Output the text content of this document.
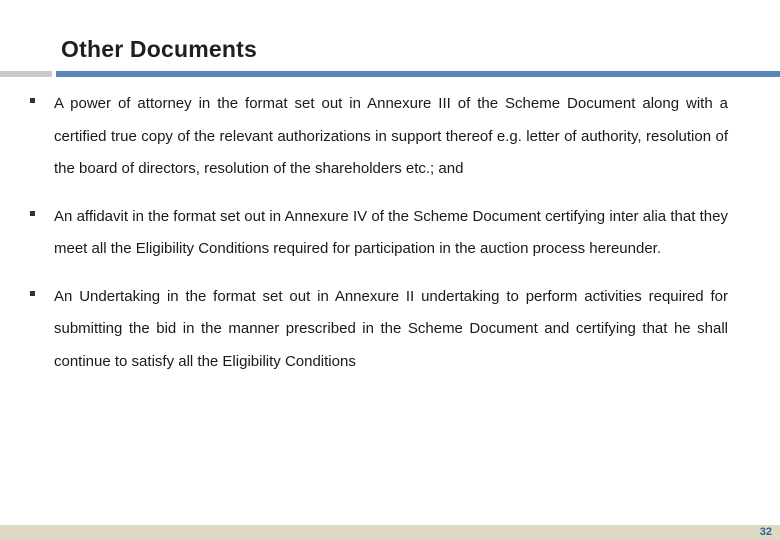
Other Documents
A power of attorney in the format set out in Annexure III of the Scheme Document along with a certified true copy of the relevant authorizations in support thereof e.g. letter of authority, resolution of the board of directors, resolution of the shareholders etc.; and
An affidavit in the format set out in Annexure IV of the Scheme Document certifying inter alia that they meet all the Eligibility Conditions required for participation in the auction process hereunder.
An Undertaking in the format set out in Annexure II undertaking to perform activities required for submitting the bid in the manner prescribed in the Scheme Document and certifying that he shall continue to satisfy all the Eligibility Conditions
32
